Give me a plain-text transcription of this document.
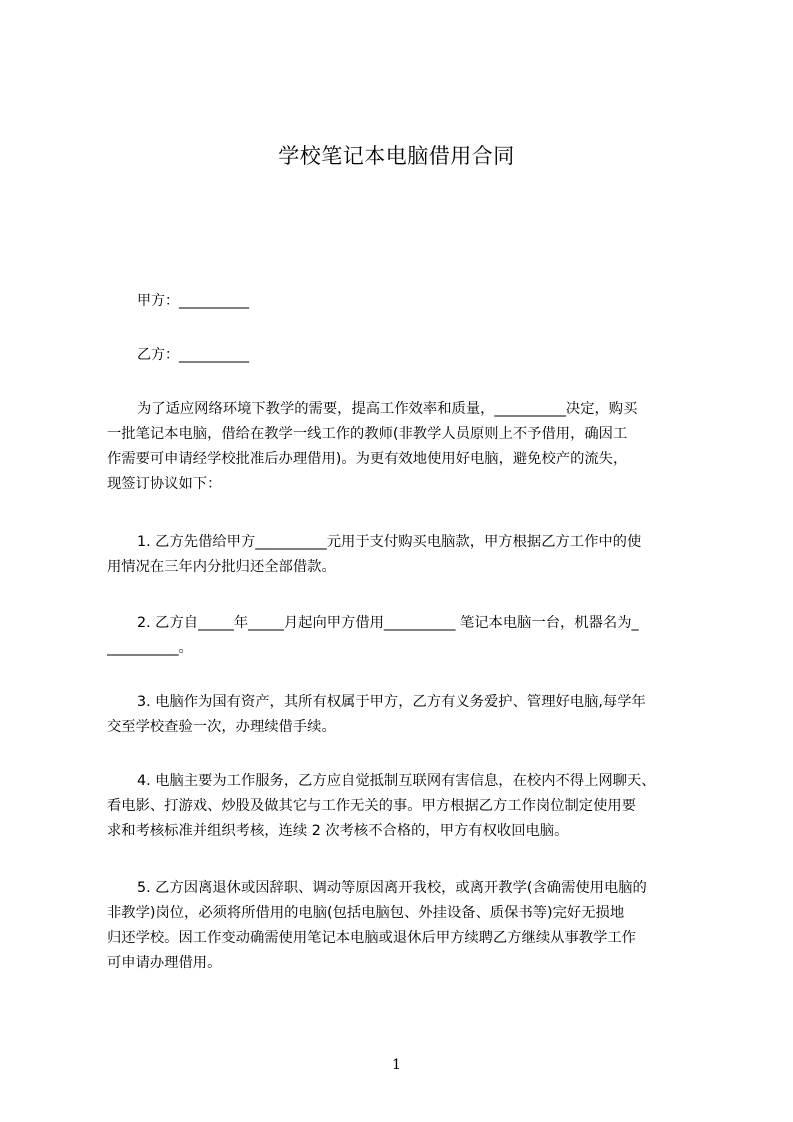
学校笔记本电脑借用合同
甲方：__________
乙方：__________
为了适应网络环境下教学的需要，提高工作效率和质量，__________决定，购买
一批笔记本电脑，借给在教学一线工作的教师(非教学人员原则上不予借用，确因工
作需要可申请经学校批准后办理借用)。为更有效地使用好电脑，避免校产的流失，
现签订协议如下：
1. 乙方先借给甲方__________元用于支付购买电脑款，甲方根据乙方工作中的使
用情况在三年内分批归还全部借款。
2. 乙方自_____年_____月起向甲方借用__________ 笔记本电脑一台，机器名为_
__________。
3. 电脑作为国有资产，其所有权属于甲方，乙方有义务爱护、管理好电脑,每学年
交至学校查验一次，办理续借手续。
4. 电脑主要为工作服务，乙方应自觉抵制互联网有害信息，在校内不得上网聊天、
看电影、打游戏、炒股及做其它与工作无关的事。甲方根据乙方工作岗位制定使用要
求和考核标准并组织考核，连续 2 次考核不合格的，甲方有权收回电脑。
5. 乙方因离退休或因辞职、调动等原因离开我校，或离开教学(含确需使用电脑的
非教学)岗位，必须将所借用的电脑(包括电脑包、外挂设备、质保书等)完好无损地
归还学校。因工作变动确需使用笔记本电脑或退休后甲方续聘乙方继续从事教学工作
可申请办理借用。
1
